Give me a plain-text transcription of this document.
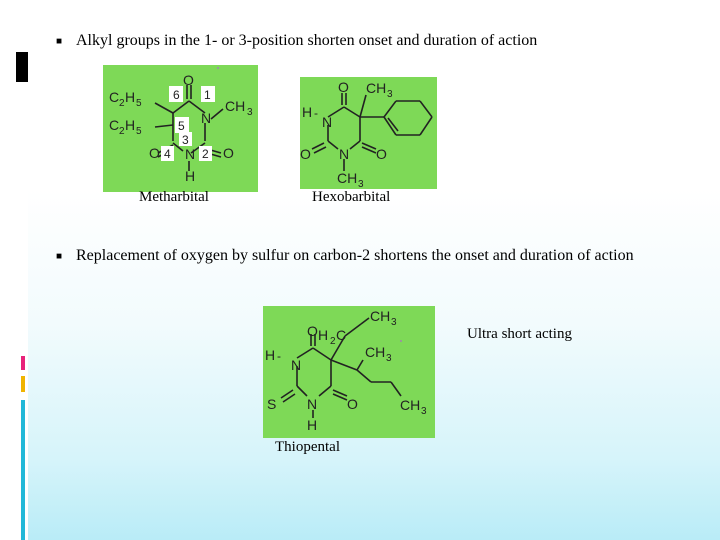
■ Alkyl groups in the 1- or 3-position shorten onset and duration of action
O
6 1
N
CH 3
C 2 H 5
C 2 H 5	5
3
O 4 N 2 O
H
Metharbital
O CH 3
H -
N
O N O
CH 3
Hexobarbital
■ Replacement of oxygen by sulfur on carbon-2 shortens the onset and duration of action
O H 2 C
CH 3
H -
N
CH 3
S N O	CH 3
H
Ultra short acting
Thiopental
